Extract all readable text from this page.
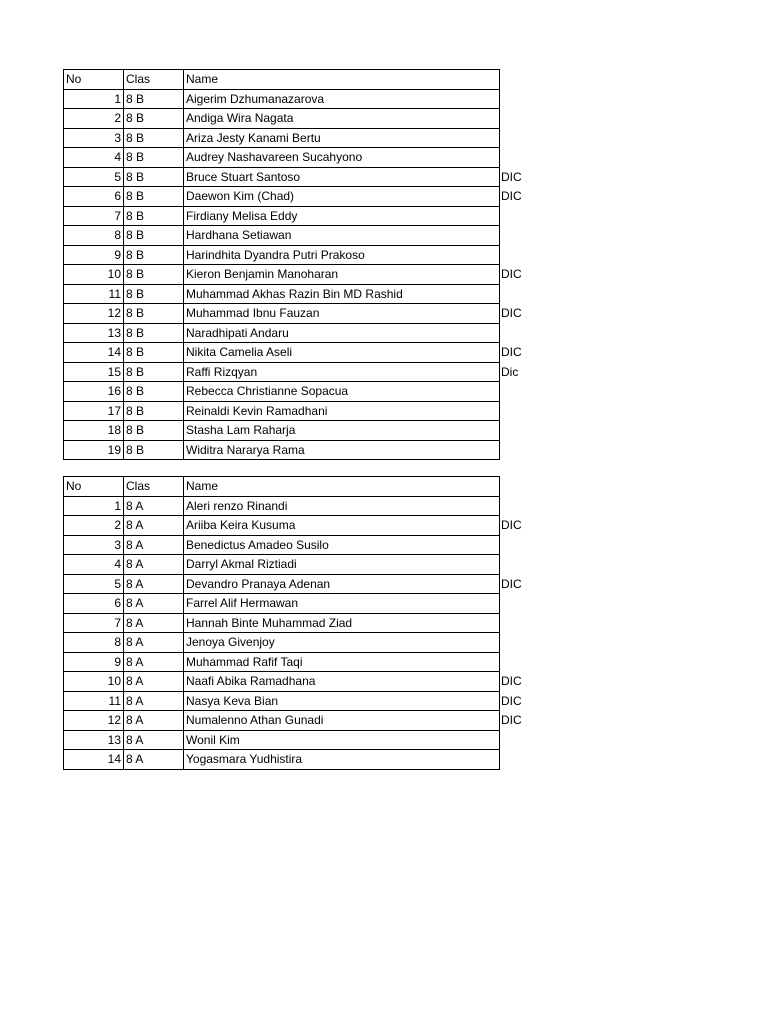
No	Clas	Name	
1	8 B	Aigerim Dzhumanazarova	
2	8 B	Andiga Wira Nagata	
3	8 B	Ariza Jesty Kanami Bertu	
4	8 B	Audrey Nashavareen Sucahyono	
5	8 B	Bruce Stuart Santoso	DIC
6	8 B	Daewon Kim (Chad)	DIC
7	8 B	Firdiany Melisa Eddy	
8	8 B	Hardhana Setiawan	
9	8 B	Harindhita Dyandra Putri Prakoso	
10	8 B	Kieron Benjamin Manoharan	DIC
11	8 B	Muhammad Akhas Razin Bin MD Rashid	
12	8 B	Muhammad Ibnu Fauzan	DIC
13	8 B	Naradhipati Andaru	
14	8 B	Nikita Camelia Aseli	DIC
15	8 B	Raffi Rizqyan	Dic
16	8 B	Rebecca Christianne Sopacua	
17	8 B	Reinaldi Kevin Ramadhani	
18	8 B	Stasha Lam Raharja	
19	8 B	Widitra Nararya Rama	
No	Clas	Name	
1	8 A	Aleri renzo Rinandi	
2	8 A	Ariiba Keira Kusuma	DIC
3	8 A	Benedictus Amadeo Susilo	
4	8 A	Darryl Akmal Riztiadi	
5	8 A	Devandro Pranaya Adenan	DIC
6	8 A	Farrel Alif Hermawan	
7	8 A	Hannah Binte Muhammad Ziad	
8	8 A	Jenoya Givenjoy	
9	8 A	Muhammad Rafif Taqi	
10	8 A	Naafi Abika Ramadhana	DIC
11	8 A	Nasya Keva Bian	DIC
12	8 A	Numalenno Athan Gunadi	DIC
13	8 A	Wonil Kim	
14	8 A	Yogasmara Yudhistira	
